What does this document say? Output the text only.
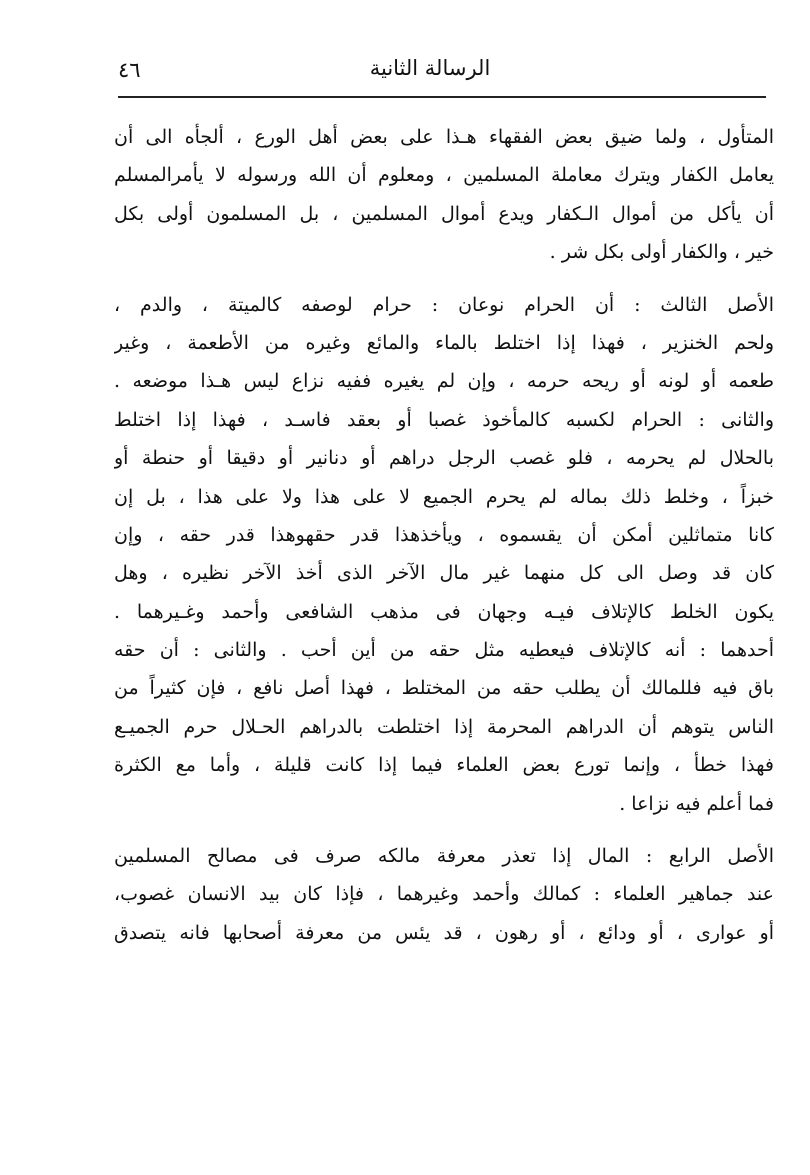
الرسالة الثانية
٤٦
المتأول ، ولما ضيق بعض الفقهاء هـذا على بعض أهل الورع ، ألجأه الى أن
يعامل الكفار ويترك معاملة المسلمين ، ومعلوم أن الله ورسوله لا يأمرالمسلم
أن يأكل من أموال الـكفار ويدع أموال المسلمين ، بل المسلمون أولى بكل
خير ، والكفار أولى بكل شر .
الأصل الثالث : أن الحرام نوعان : حرام لوصفه كالميتة ، والدم ،
ولحم الخنزير ، فهذا إذا اختلط بالماء والمائع وغيره من الأطعمة ، وغير
طعمه أو لونه أو ريحه حرمه ، وإن لم يغيره ففيه نزاع ليس هـذا موضعه .
والثانى : الحرام لكسبه كالمأخوذ غصبا أو بعقد فاسـد ، فهذا إذا اختلط
بالحلال لم يحرمه ، فلو غصب الرجل دراهم أو دنانير أو دقيقا أو حنطة أو
خبزاً ، وخلط ذلك بماله لم يحرم الجميع لا على هذا ولا على هذا ، بل إن
كانا متماثلين أمكن أن يقسموه ، ويأخذهذا قدر حقهوهذا قدر حقه ، وإن
كان قد وصل الى كل منهما غير مال الآخر الذى أخذ الآخر نظيره ، وهل
يكون الخلط كالإتلاف فيـه وجهان فى مذهب الشافعى وأحمد وغـيرهما .
أحدهما : أنه كالإتلاف فيعطيه مثل حقه من أين أحب . والثانى : أن حقه
باق فيه فللمالك أن يطلب حقه من المختلط ، فهذا أصل نافع ، فإن كثيراً من
الناس يتوهم أن الدراهم المحرمة إذا اختلطت بالدراهم الحـلال حرم الجميـع
فهذا خطأ ، وإنما تورع بعض العلماء فيما إذا كانت قليلة ، وأما مع الكثرة
فما أعلم فيه نزاعا .
الأصل الرابع : المال إذا تعذر معرفة مالكه صرف فى مصالح المسلمين
عند جماهير العلماء : كمالك وأحمد وغيرهما ، فإذا كان بيد الانسان غصوب،
أو عوارى ، أو ودائع ، أو رهون ، قد يئس من معرفة أصحابها فانه يتصدق
